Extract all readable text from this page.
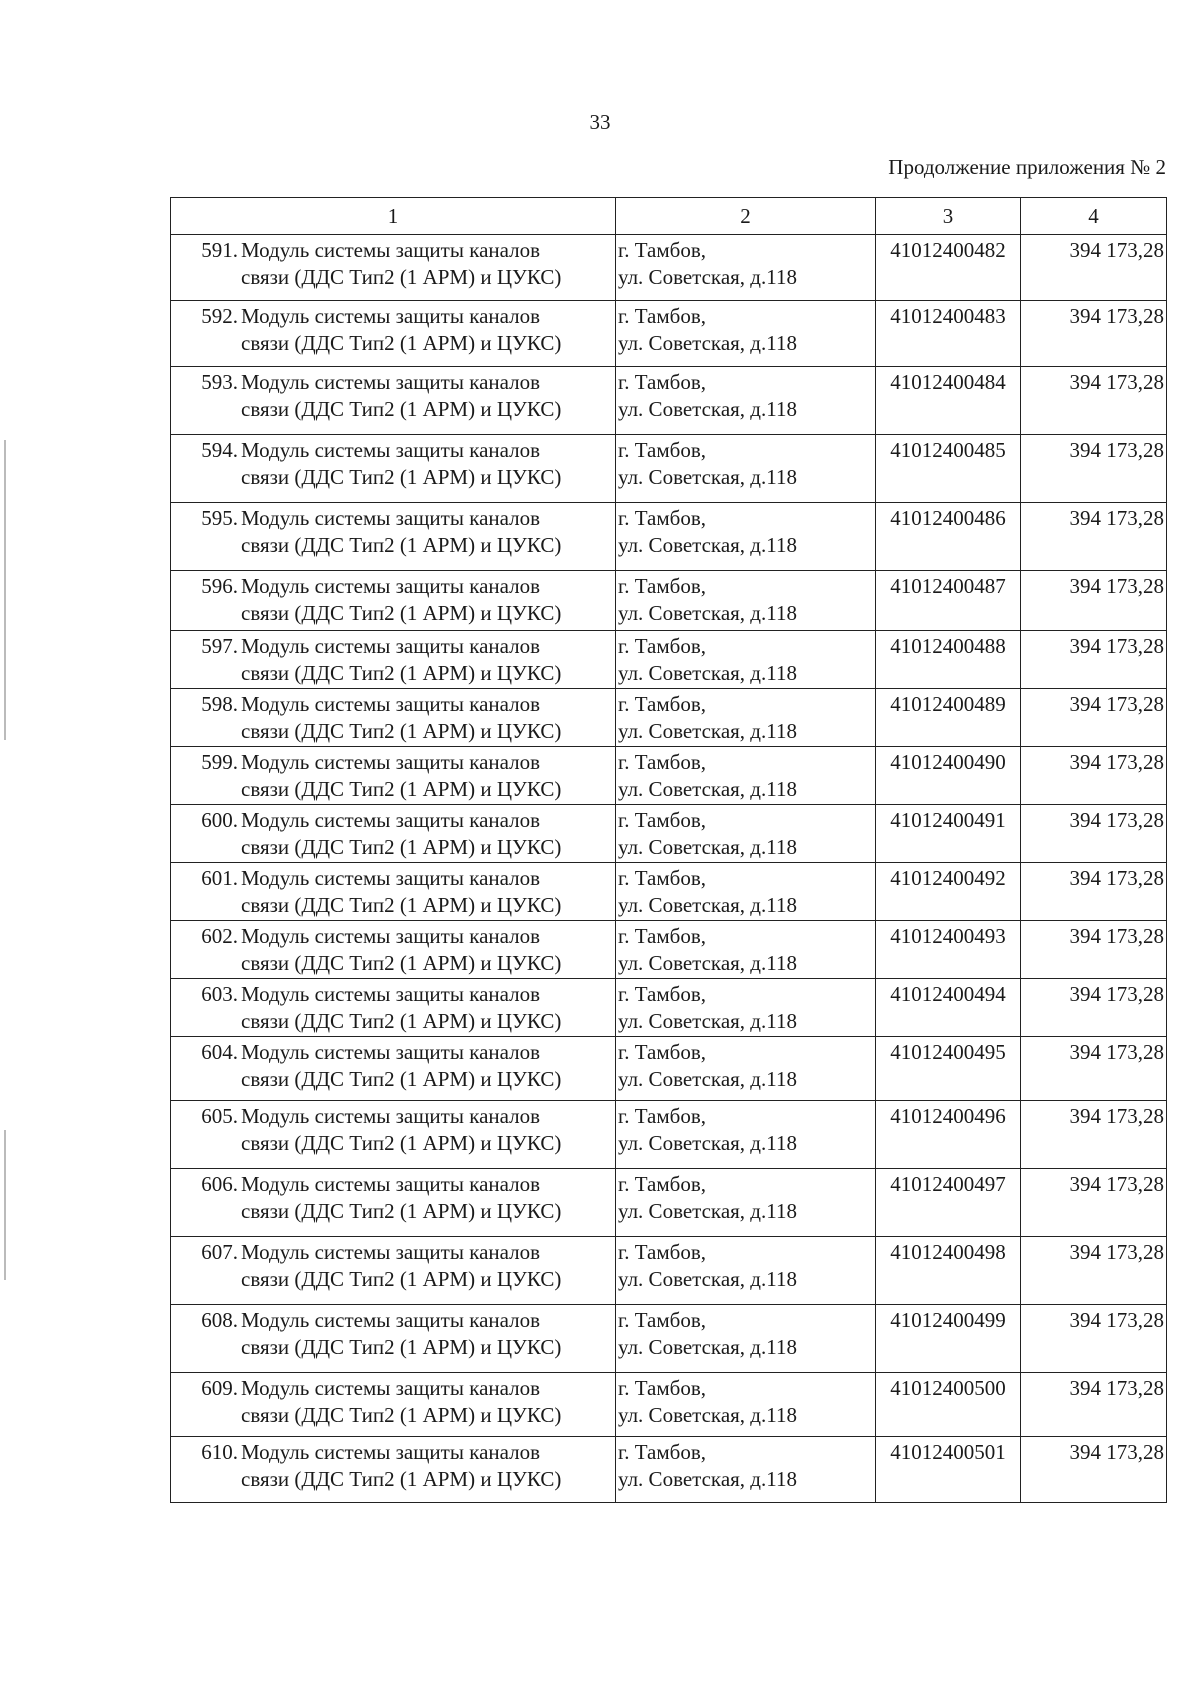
33
Продолжение приложения № 2
1	2	3	4

591. Модуль системы защиты каналов
связи (ДДС Тип2 (1 АРМ) и ЦУКС)	г. Тамбов,
ул. Советская, д.118	41012400482	394 173,28

592. Модуль системы защиты каналов
связи (ДДС Тип2 (1 АРМ) и ЦУКС)	г. Тамбов,
ул. Советская, д.118	41012400483	394 173,28

593. Модуль системы защиты каналов
связи (ДДС Тип2 (1 АРМ) и ЦУКС)	г. Тамбов,
ул. Советская, д.118	41012400484	394 173,28

594. Модуль системы защиты каналов
связи (ДДС Тип2 (1 АРМ) и ЦУКС)	г. Тамбов,
ул. Советская, д.118	41012400485	394 173,28

595. Модуль системы защиты каналов
связи (ДДС Тип2 (1 АРМ) и ЦУКС)	г. Тамбов,
ул. Советская, д.118	41012400486	394 173,28

596. Модуль системы защиты каналов
связи (ДДС Тип2 (1 АРМ) и ЦУКС)	г. Тамбов,
ул. Советская, д.118	41012400487	394 173,28

597. Модуль системы защиты каналов
связи (ДДС Тип2 (1 АРМ) и ЦУКС)	г. Тамбов,
ул. Советская, д.118	41012400488	394 173,28

598. Модуль системы защиты каналов
связи (ДДС Тип2 (1 АРМ) и ЦУКС)	г. Тамбов,
ул. Советская, д.118	41012400489	394 173,28

599. Модуль системы защиты каналов
связи (ДДС Тип2 (1 АРМ) и ЦУКС)	г. Тамбов,
ул. Советская, д.118	41012400490	394 173,28

600. Модуль системы защиты каналов
связи (ДДС Тип2 (1 АРМ) и ЦУКС)	г. Тамбов,
ул. Советская, д.118	41012400491	394 173,28

601. Модуль системы защиты каналов
связи (ДДС Тип2 (1 АРМ) и ЦУКС)	г. Тамбов,
ул. Советская, д.118	41012400492	394 173,28

602. Модуль системы защиты каналов
связи (ДДС Тип2 (1 АРМ) и ЦУКС)	г. Тамбов,
ул. Советская, д.118	41012400493	394 173,28

603. Модуль системы защиты каналов
связи (ДДС Тип2 (1 АРМ) и ЦУКС)	г. Тамбов,
ул. Советская, д.118	41012400494	394 173,28

604. Модуль системы защиты каналов
связи (ДДС Тип2 (1 АРМ) и ЦУКС)	г. Тамбов,
ул. Советская, д.118	41012400495	394 173,28

605. Модуль системы защиты каналов
связи (ДДС Тип2 (1 АРМ) и ЦУКС)	г. Тамбов,
ул. Советская, д.118	41012400496	394 173,28

606. Модуль системы защиты каналов
связи (ДДС Тип2 (1 АРМ) и ЦУКС)	г. Тамбов,
ул. Советская, д.118	41012400497	394 173,28

607. Модуль системы защиты каналов
связи (ДДС Тип2 (1 АРМ) и ЦУКС)	г. Тамбов,
ул. Советская, д.118	41012400498	394 173,28

608. Модуль системы защиты каналов
связи (ДДС Тип2 (1 АРМ) и ЦУКС)	г. Тамбов,
ул. Советская, д.118	41012400499	394 173,28

609. Модуль системы защиты каналов
связи (ДДС Тип2 (1 АРМ) и ЦУКС)	г. Тамбов,
ул. Советская, д.118	41012400500	394 173,28

610. Модуль системы защиты каналов
связи (ДДС Тип2 (1 АРМ) и ЦУКС)	г. Тамбов,
ул. Советская, д.118	41012400501	394 173,28
